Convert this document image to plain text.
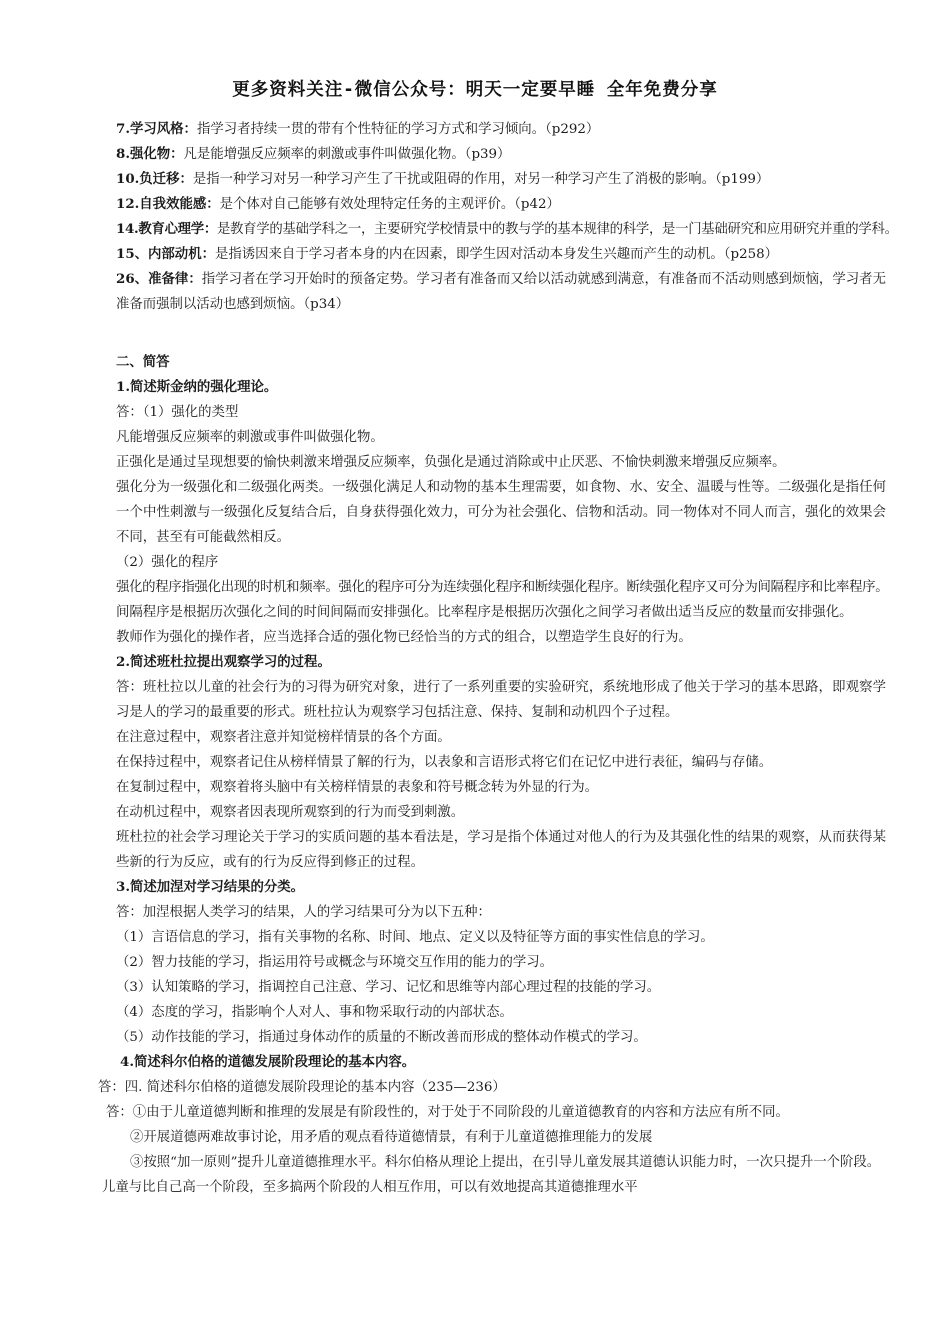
更多资料关注-微信公众号：明天一定要早睡 全年免费分享
7.学习风格：指学习者持续一贯的带有个性特征的学习方式和学习倾向。（p292）
8.强化物：凡是能增强反应频率的刺激或事件叫做强化物。（p39）
10.负迁移：是指一种学习对另一种学习产生了干扰或阻碍的作用，对另一种学习产生了消极的影响。（p199）
12.自我效能感：是个体对自己能够有效处理特定任务的主观评价。（p42）
14.教育心理学：是教育学的基础学科之一，主要研究学校情景中的教与学的基本规律的科学，是一门基础研究和应用研究并重的学科。
15、内部动机：是指诱因来自于学习者本身的内在因素，即学生因对活动本身发生兴趣而产生的动机。（p258）
26、准备律：指学习者在学习开始时的预备定势。学习者有准备而又给以活动就感到满意，有准备而不活动则感到烦恼，学习者无准备而强制以活动也感到烦恼。（p34）
二、简答
1.简述斯金纳的强化理论。
答：（1）强化的类型
凡能增强反应频率的刺激或事件叫做强化物。
正强化是通过呈现想要的愉快刺激来增强反应频率，负强化是通过消除或中止厌恶、不愉快刺激来增强反应频率。
强化分为一级强化和二级强化两类。一级强化满足人和动物的基本生理需要，如食物、水、安全、温暖与性等。二级强化是指任何一个中性刺激与一级强化反复结合后，自身获得强化效力，可分为社会强化、信物和活动。同一物体对不同人而言，强化的效果会不同，甚至有可能截然相反。
（2）强化的程序
强化的程序指强化出现的时机和频率。强化的程序可分为连续强化程序和断续强化程序。断续强化程序又可分为间隔程序和比率程序。
间隔程序是根据历次强化之间的时间间隔而安排强化。比率程序是根据历次强化之间学习者做出适当反应的数量而安排强化。
教师作为强化的操作者，应当选择合适的强化物已经恰当的方式的组合，以塑造学生良好的行为。
2.简述班杜拉提出观察学习的过程。
答：班杜拉以儿童的社会行为的习得为研究对象，进行了一系列重要的实验研究，系统地形成了他关于学习的基本思路，即观察学习是人的学习的最重要的形式。班杜拉认为观察学习包括注意、保持、复制和动机四个子过程。
在注意过程中，观察者注意并知觉榜样情景的各个方面。
在保持过程中，观察者记住从榜样情景了解的行为，以表象和言语形式将它们在记忆中进行表征，编码与存储。
在复制过程中，观察着将头脑中有关榜样情景的表象和符号概念转为外显的行为。
在动机过程中，观察者因表现所观察到的行为而受到刺激。
班杜拉的社会学习理论关于学习的实质问题的基本看法是，学习是指个体通过对他人的行为及其强化性的结果的观察，从而获得某些新的行为反应，或有的行为反应得到修正的过程。
3.简述加涅对学习结果的分类。
答：加涅根据人类学习的结果，人的学习结果可分为以下五种：
（1）言语信息的学习，指有关事物的名称、时间、地点、定义以及特征等方面的事实性信息的学习。
（2）智力技能的学习，指运用符号或概念与环境交互作用的能力的学习。
（3）认知策略的学习，指调控自己注意、学习、记忆和思维等内部心理过程的技能的学习。
（4）态度的学习，指影响个人对人、事和物采取行动的内部状态。
（5）动作技能的学习，指通过身体动作的质量的不断改善而形成的整体动作模式的学习。
4.简述科尔伯格的道德发展阶段理论的基本内容。
答：四. 简述科尔伯格的道德发展阶段理论的基本内容（235—236）
答：①由于儿童道德判断和推理的发展是有阶段性的，对于处于不同阶段的儿童道德教育的内容和方法应有所不同。
②开展道德两难故事讨论，用矛盾的观点看待道德情景，有利于儿童道德推理能力的发展
③按照“加一原则”提升儿童道德推理水平。科尔伯格从理论上提出，在引导儿童发展其道德认识能力时，一次只提升一个阶段。
儿童与比自己高一个阶段，至多搞两个阶段的人相互作用，可以有效地提高其道德推理水平
